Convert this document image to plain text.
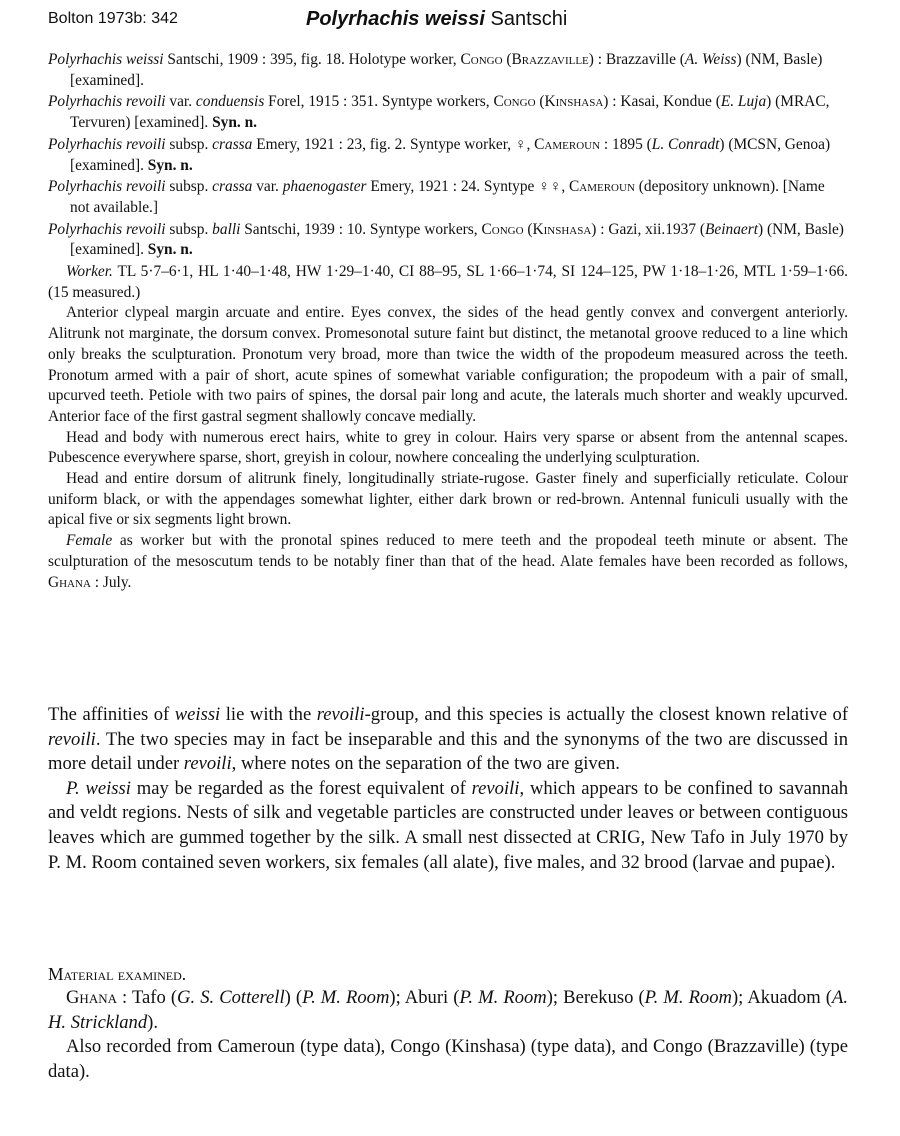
Bolton 1973b: 342	Polyrhachis weissi Santschi

Polyrhachis weissi Santschi, 1909 : 395, fig. 18. Holotype worker, Congo (Brazzaville) : Brazzaville (A. Weiss) (NM, Basle) [examined].

Polyrhachis revoili var. conduensis Forel, 1915 : 351. Syntype workers, Congo (Kinshasa) : Kasai, Kondue (E. Luja) (MRAC, Tervuren) [examined]. Syn. n.

Polyrhachis revoili subsp. crassa Emery, 1921 : 23, fig. 2. Syntype worker, ♀, Cameroun : 1895 (L. Conradt) (MCSN, Genoa) [examined]. Syn. n.

Polyrhachis revoili subsp. crassa var. phaenogaster Emery, 1921 : 24. Syntype ♀♀, Cameroun (depository unknown). [Name not available.]

Polyrhachis revoili subsp. balli Santschi, 1939 : 10. Syntype workers, Congo (Kinshasa) : Gazi, xii.1937 (Beinaert) (NM, Basle) [examined]. Syn. n.

Worker. TL 5·7–6·1, HL 1·40–1·48, HW 1·29–1·40, CI 88–95, SL 1·66–1·74, SI 124–125, PW 1·18–1·26, MTL 1·59–1·66. (15 measured.)

Anterior clypeal margin arcuate and entire. Eyes convex, the sides of the head gently convex and convergent anteriorly. Alitrunk not marginate, the dorsum convex. Promesonotal suture faint but distinct, the metanotal groove reduced to a line which only breaks the sculpturation. Pronotum very broad, more than twice the width of the propodeum measured across the teeth. Pronotum armed with a pair of short, acute spines of somewhat variable configuration; the propodeum with a pair of small, upcurved teeth. Petiole with two pairs of spines, the dorsal pair long and acute, the laterals much shorter and weakly upcurved. Anterior face of the first gastral segment shallowly concave medially.

Head and body with numerous erect hairs, white to grey in colour. Hairs very sparse or absent from the antennal scapes. Pubescence everywhere sparse, short, greyish in colour, nowhere concealing the underlying sculpturation.

Head and entire dorsum of alitrunk finely, longitudinally striate-rugose. Gaster finely and superficially reticulate. Colour uniform black, or with the appendages somewhat lighter, either dark brown or red-brown. Antennal funiculi usually with the apical five or six segments light brown.

Female as worker but with the pronotal spines reduced to mere teeth and the propodeal teeth minute or absent. The sculpturation of the mesoscutum tends to be notably finer than that of the head. Alate females have been recorded as follows, Ghana : July.

The affinities of weissi lie with the revoili-group, and this species is actually the closest known relative of revoili. The two species may in fact be inseparable and this and the synonyms of the two are discussed in more detail under revoili, where notes on the separation of the two are given.

P. weissi may be regarded as the forest equivalent of revoili, which appears to be confined to savannah and veldt regions. Nests of silk and vegetable particles are constructed under leaves or between contiguous leaves which are gummed together by the silk. A small nest dissected at CRIG, New Tafo in July 1970 by P. M. Room contained seven workers, six females (all alate), five males, and 32 brood (larvae and pupae).

Material examined.

Ghana : Tafo (G. S. Cotterell) (P. M. Room); Aburi (P. M. Room); Berekuso (P. M. Room); Akuadom (A. H. Strickland).

Also recorded from Cameroun (type data), Congo (Kinshasa) (type data), and Congo (Brazzaville) (type data).
